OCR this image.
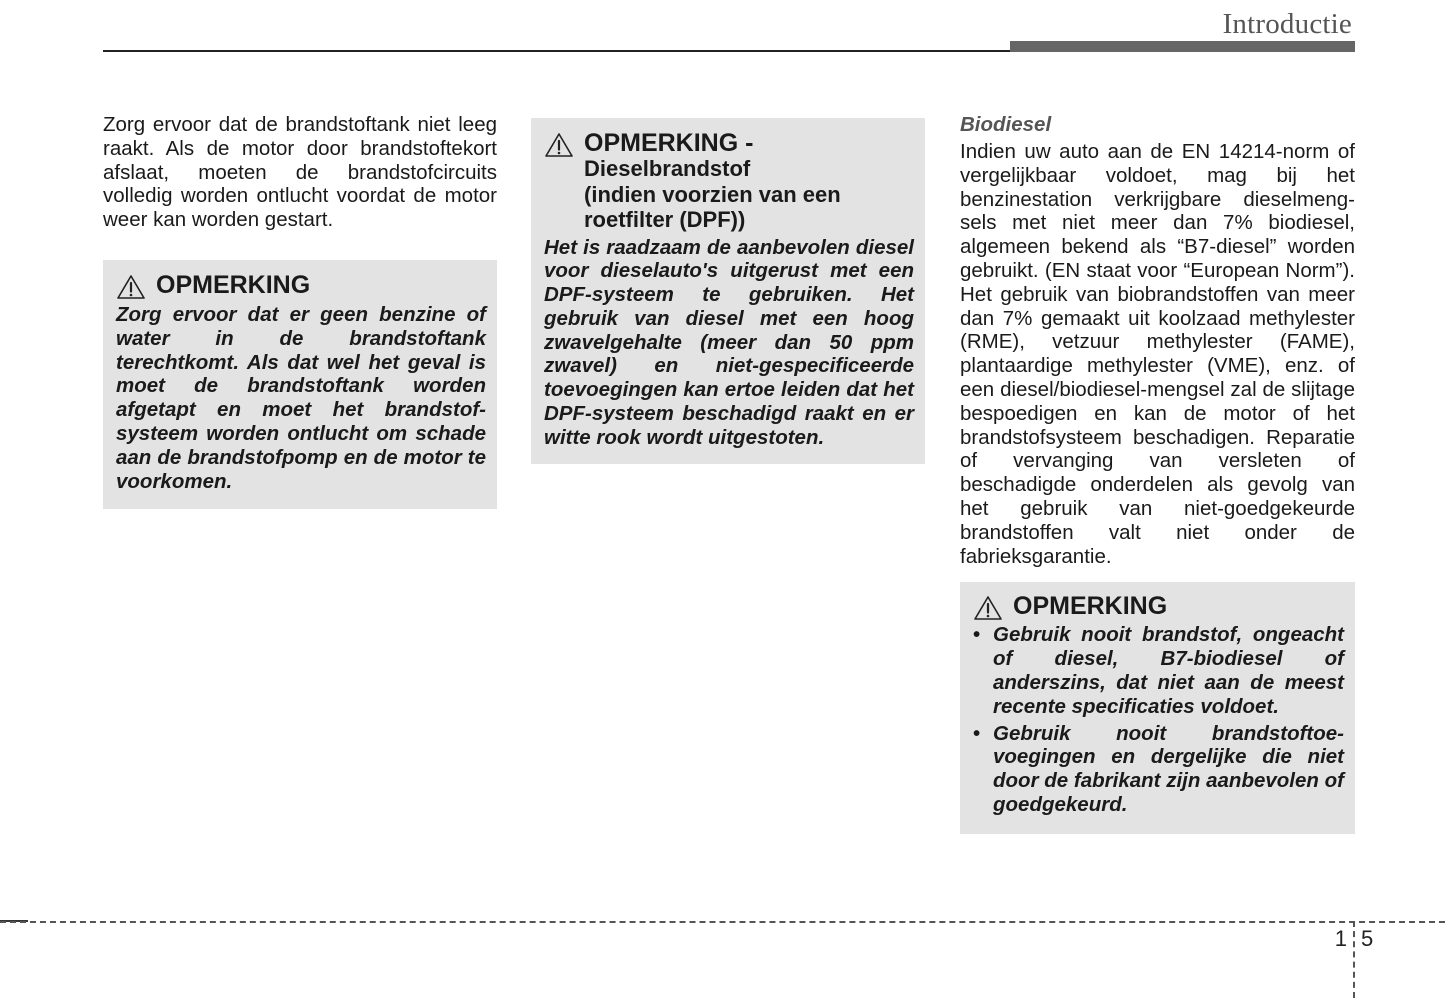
Introductie

Zorg ervoor dat de brandstoftank niet leeg raakt. Als de motor door brandstoftekort afslaat, moeten de brandstofcircuits volledig worden ontlucht voordat de motor weer kan worden gestart.

OPMERKING

Zorg ervoor dat er geen benzine of water in de brandstoftank terechtkomt. Als dat wel het geval is moet de brandstoftank worden afgetapt en moet het brandstof-systeem worden ontlucht om schade aan de brandstofpomp en de motor te voorkomen.

OPMERKING -

Dieselbrandstof
(indien voorzien van een
roetfilter (DPF))

Het is raadzaam de aanbevolen diesel voor dieselauto's uitgerust met een DPF-systeem te gebruiken. Het gebruik van diesel met een hoog zwavelgehalte (meer dan 50 ppm zwavel) en niet-gespecificeerde toevoegingen kan ertoe leiden dat het DPF-systeem beschadigd raakt en er witte rook wordt uitgestoten.

Biodiesel

Indien uw auto aan de EN 14214-norm of vergelijkbaar voldoet, mag bij het benzinestation verkrijgbare dieselmeng-sels met niet meer dan 7% biodiesel, algemeen bekend als “B7-diesel” worden gebruikt. (EN staat voor “European Norm”). Het gebruik van biobrandstoffen van meer dan 7% gemaakt uit koolzaad methylester (RME), vetzuur methylester (FAME), plantaardige methylester (VME), enz. of een diesel/biodiesel-mengsel zal de slijtage bespoedigen en kan de motor of het brandstofsysteem beschadigen. Reparatie of vervanging van versleten of beschadigde onderdelen als gevolg van het gebruik van niet-goedgekeurde brandstoffen valt niet onder de fabrieksgarantie.

OPMERKING

• Gebruik nooit brandstof, ongeacht of diesel, B7-biodiesel of anderszins, dat niet aan de meest recente specificaties voldoet.
• Gebruik nooit brandstoftoe-voegingen en dergelijke die niet door de fabrikant zijn aanbevolen of goedgekeurd.
1 5
